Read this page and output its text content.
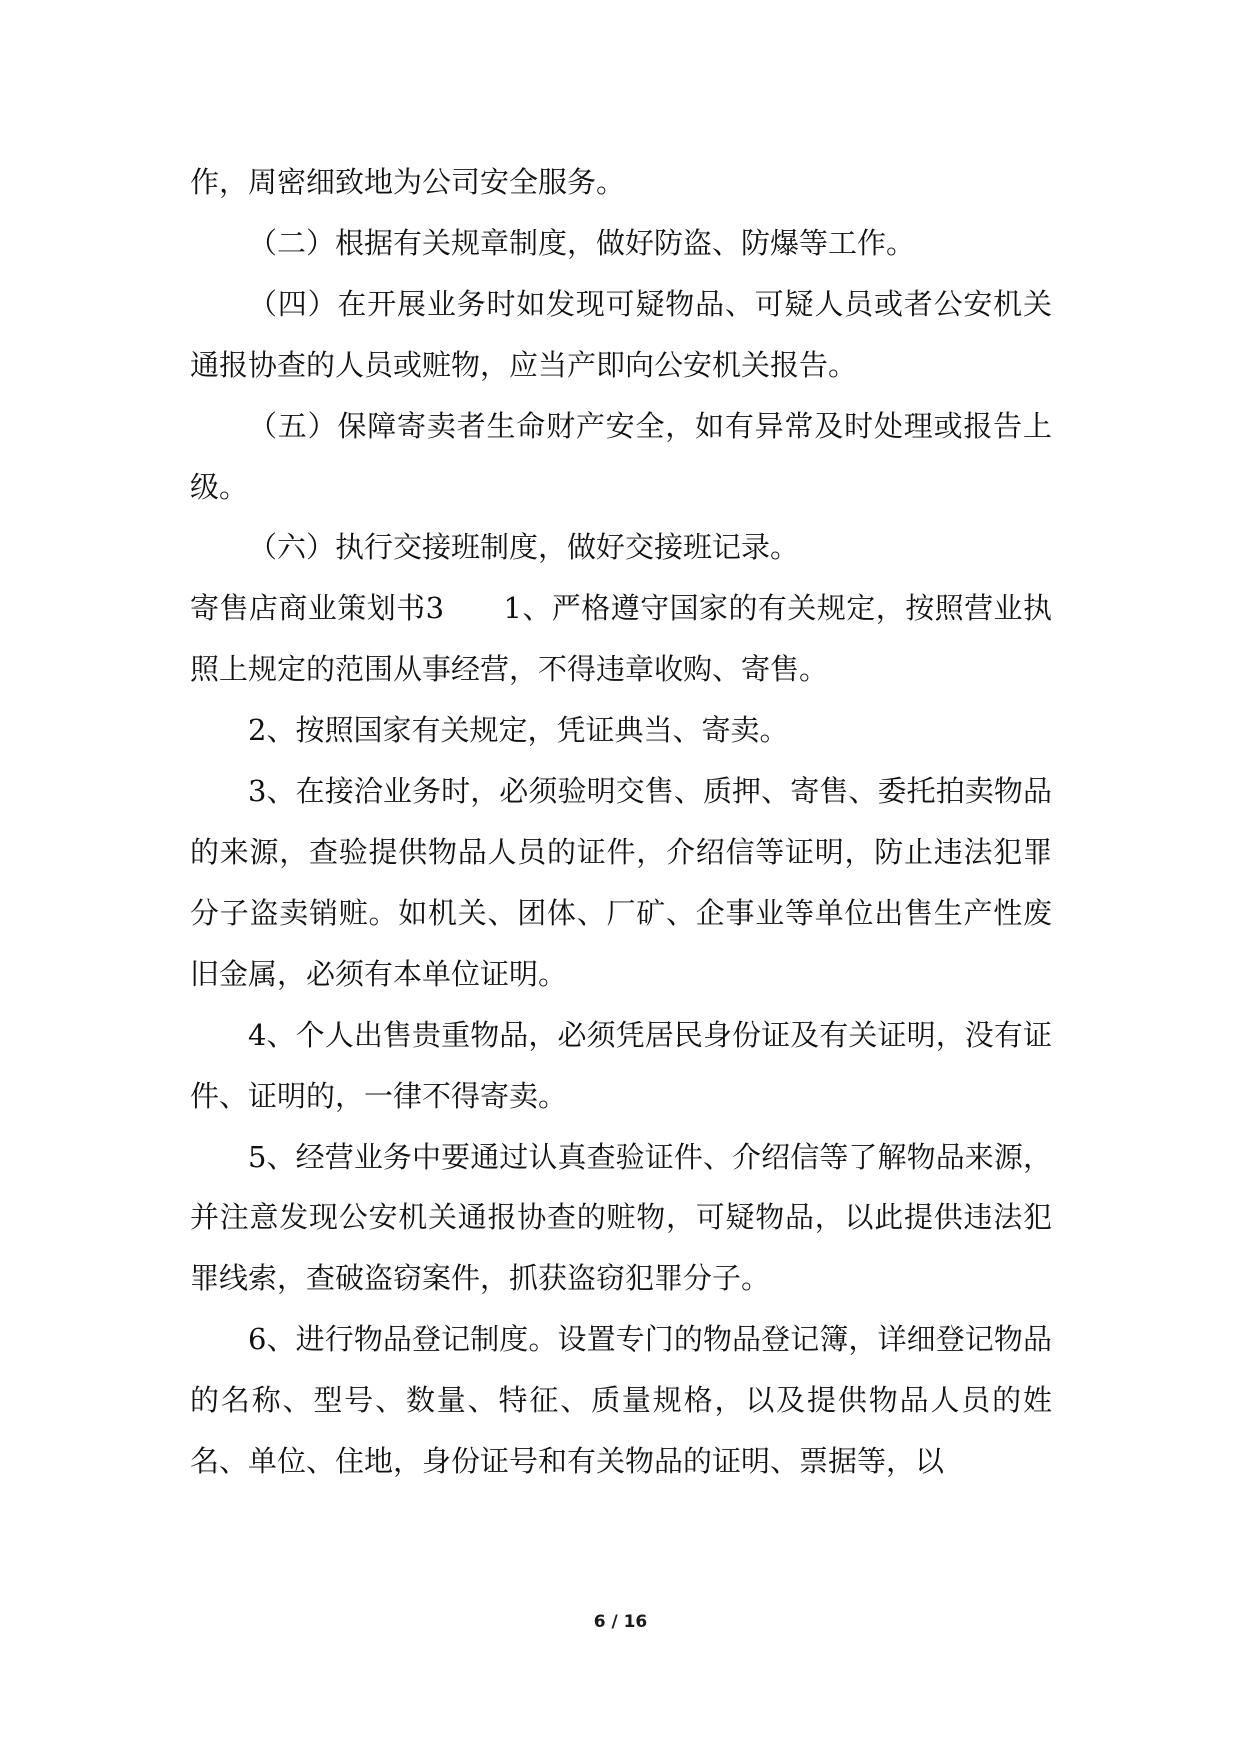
作，周密细致地为公司安全服务。

（二）根据有关规章制度，做好防盗、防爆等工作。

（四）在开展业务时如发现可疑物品、可疑人员或者公安机关通报协查的人员或赃物，应当产即向公安机关报告。

（五）保障寄卖者生命财产安全，如有异常及时处理或报告上级。

（六）执行交接班制度，做好交接班记录。

寄售店商业策划书3　　1、严格遵守国家的有关规定，按照营业执照上规定的范围从事经营，不得违章收购、寄售。

2、按照国家有关规定，凭证典当、寄卖。

3、在接洽业务时，必须验明交售、质押、寄售、委托拍卖物品的来源，查验提供物品人员的证件，介绍信等证明，防止违法犯罪分子盗卖销赃。如机关、团体、厂矿、企事业等单位出售生产性废旧金属，必须有本单位证明。

4、个人出售贵重物品，必须凭居民身份证及有关证明，没有证件、证明的，一律不得寄卖。

5、经营业务中要通过认真查验证件、介绍信等了解物品来源，并注意发现公安机关通报协查的赃物，可疑物品，以此提供违法犯罪线索，查破盗窃案件，抓获盗窃犯罪分子。

6、进行物品登记制度。设置专门的物品登记簿，详细登记物品的名称、型号、数量、特征、质量规格，以及提供物品人员的姓名、单位、住地，身份证号和有关物品的证明、票据等，以

6 / 16
